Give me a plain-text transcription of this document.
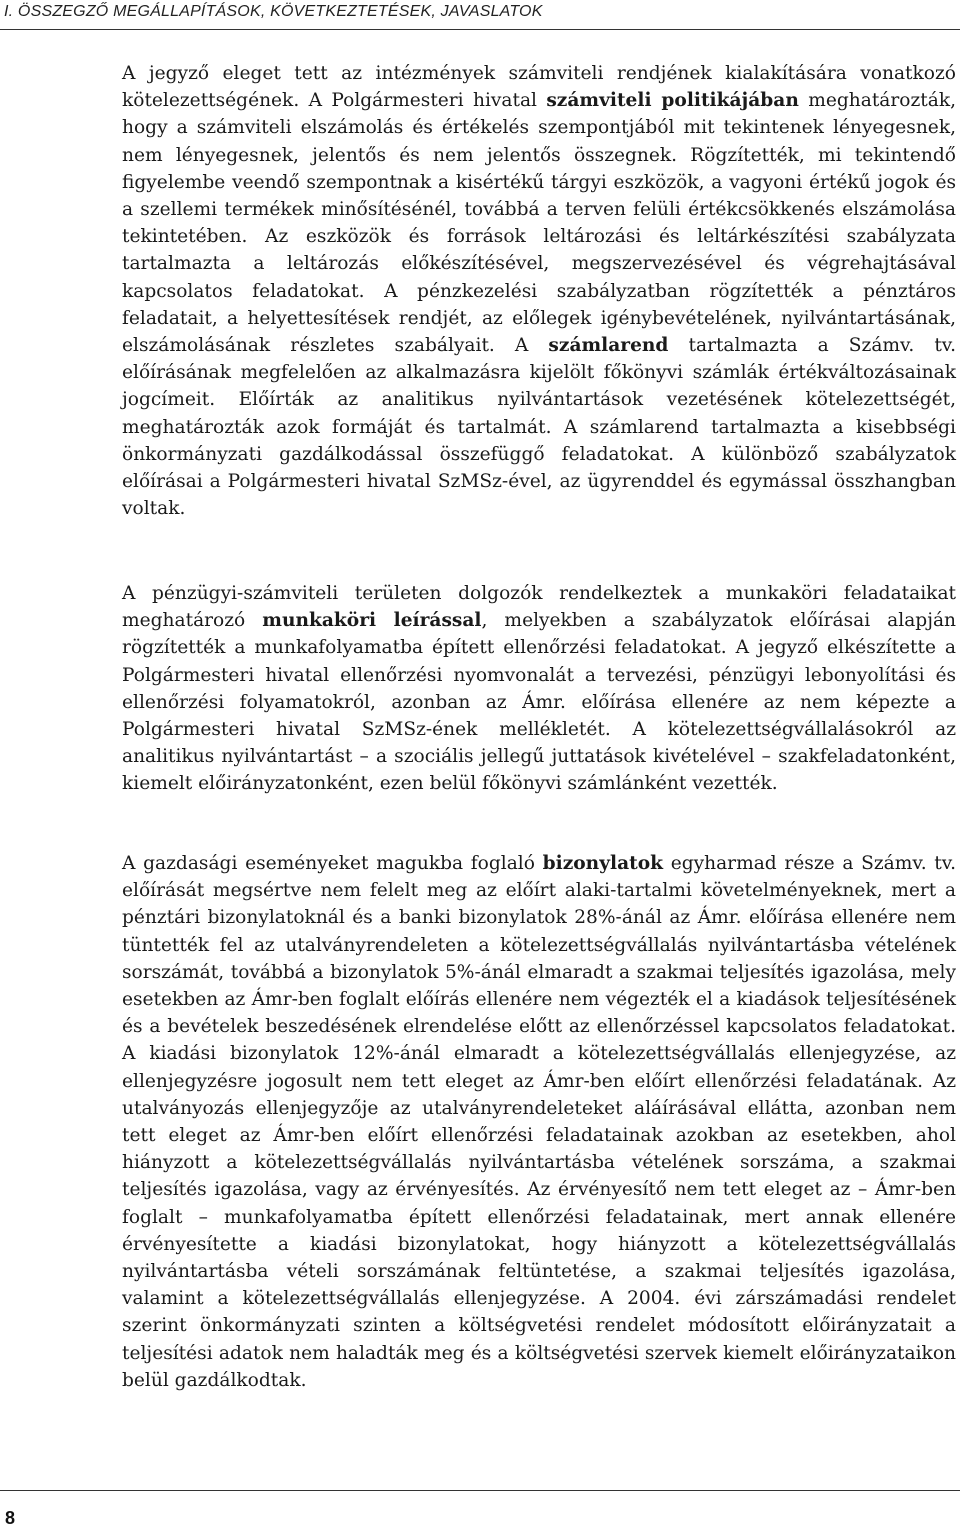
I. ÖSSZEGZŐ MEGÁLLAPÍTÁSOK, KÖVETKEZTETÉSEK, JAVASLATOK

A jegyző eleget tett az intézmények számviteli rendjének kialakítására vonatkozó kötelezettségének. A Polgármesteri hivatal számviteli politikájában meghatározták, hogy a számviteli elszámolás és értékelés szempontjából mit tekintenek lényegesnek, nem lényegesnek, jelentős és nem jelentős összegnek. Rögzítették, mi tekintendő figyelembe veendő szempontnak a kisértékű tárgyi eszközök, a vagyoni értékű jogok és a szellemi termékek minősítésénél, továbbá a terven felüli értékcsökkenés elszámolása tekintetében. Az eszközök és források leltározási és leltárkészítési szabályzata tartalmazta a leltározás előkészítésével, megszervezésével és végrehajtásával kapcsolatos feladatokat. A pénzkezelési szabályzatban rögzítették a pénztáros feladatait, a helyettesítések rendjét, az előlegek igénybevételének, nyilvántartásának, elszámolásának részletes szabályait. A számlarend tartalmazta a Számv. tv. előírásának megfelelően az alkalmazásra kijelölt főkönyvi számlák értékváltozásainak jogcímeit. Előírták az analitikus nyilvántartások vezetésének kötelezettségét, meghatározták azok formáját és tartalmát. A számlarend tartalmazta a kisebbségi önkormányzati gazdálkodással összefüggő feladatokat. A különböző szabályzatok előírásai a Polgármesteri hivatal SzMSz-ével, az ügyrenddel és egymással összhangban voltak.

A pénzügyi-számviteli területen dolgozók rendelkeztek a munkaköri feladataikat meghatározó munkaköri leírással, melyekben a szabályzatok előírásai alapján rögzítették a munkafolyamatba épített ellenőrzési feladatokat. A jegyző elkészítette a Polgármesteri hivatal ellenőrzési nyomvonalát a tervezési, pénzügyi lebonyolítási és ellenőrzési folyamatokról, azonban az Ámr. előírása ellenére az nem képezte a Polgármesteri hivatal SzMSz-ének mellékletét. A kötelezettségvállalásokról az analitikus nyilvántartást – a szociális jellegű juttatások kivételével – szakfeladatonként, kiemelt előirányzatonként, ezen belül főkönyvi számlánként vezették.

A gazdasági eseményeket magukba foglaló bizonylatok egyharmad része a Számv. tv. előírását megsértve nem felelt meg az előírt alaki-tartalmi követelményeknek, mert a pénztári bizonylatoknál és a banki bizonylatok 28%-ánál az Ámr. előírása ellenére nem tüntették fel az utalványrendeleten a kötelezettségvállalás nyilvántartásba vételének sorszámát, továbbá a bizonylatok 5%-ánál elmaradt a szakmai teljesítés igazolása, mely esetekben az Ámr-ben foglalt előírás ellenére nem végezték el a kiadások teljesítésének és a bevételek beszedésének elrendelése előtt az ellenőrzéssel kapcsolatos feladatokat. A kiadási bizonylatok 12%-ánál elmaradt a kötelezettségvállalás ellenjegyzése, az ellenjegyzésre jogosult nem tett eleget az Ámr-ben előírt ellenőrzési feladatának. Az utalványozás ellenjegyzője az utalványrendeleteket aláírásával ellátta, azonban nem tett eleget az Ámr-ben előírt ellenőrzési feladatainak azokban az esetekben, ahol hiányzott a kötelezettségvállalás nyilvántartásba vételének sorszáma, a szakmai teljesítés igazolása, vagy az érvényesítés. Az érvényesítő nem tett eleget az – Ámr-ben foglalt – munkafolyamatba épített ellenőrzési feladatainak, mert annak ellenére érvényesítette a kiadási bizonylatokat, hogy hiányzott a kötelezettségvállalás nyilvántartásba vételi sorszámának feltüntetése, a szakmai teljesítés igazolása, valamint a kötelezettségvállalás ellenjegyzése. A 2004. évi zárszámadási rendelet szerint önkormányzati szinten a költségvetési rendelet módosított előirányzatait a teljesítési adatok nem haladták meg és a költségvetési szervek kiemelt előirányzataikon belül gazdálkodtak.

8
